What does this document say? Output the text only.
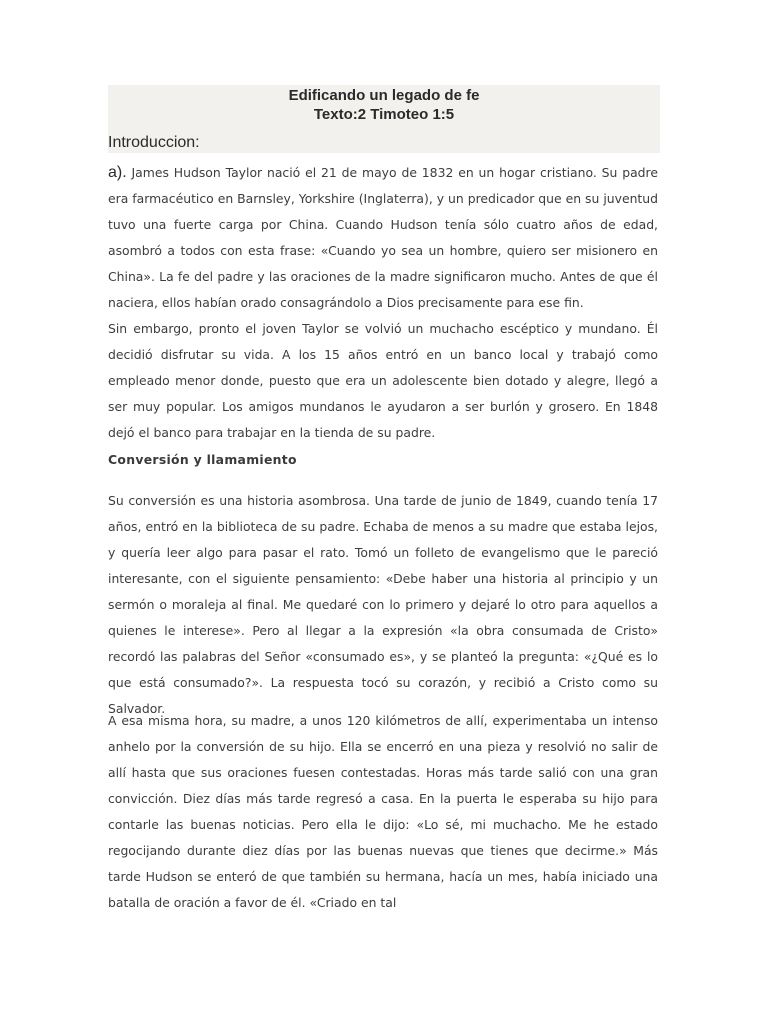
Edificando un legado de fe
Texto:2 Timoteo 1:5
Introduccion:

a). James Hudson Taylor nació el 21 de mayo de 1832 en un hogar cristiano. Su padre era farmacéutico en Barnsley, Yorkshire (Inglaterra), y un predicador que en su juventud tuvo una fuerte carga por China. Cuando Hudson tenía sólo cuatro años de edad, asombró a todos con esta frase: «Cuando yo sea un hombre, quiero ser misionero en China». La fe del padre y las oraciones de la madre significaron mucho. Antes de que él naciera, ellos habían orado consagrándolo a Dios precisamente para ese fin.

Sin embargo, pronto el joven Taylor se volvió un muchacho escéptico y mundano. Él decidió disfrutar su vida. A los 15 años entró en un banco local y trabajó como empleado menor donde, puesto que era un adolescente bien dotado y alegre, llegó a ser muy popular. Los amigos mundanos le ayudaron a ser burlón y grosero. En 1848 dejó el banco para trabajar en la tienda de su padre.

Conversión y llamamiento

Su conversión es una historia asombrosa. Una tarde de junio de 1849, cuando tenía 17 años, entró en la biblioteca de su padre. Echaba de menos a su madre que estaba lejos, y quería leer algo para pasar el rato. Tomó un folleto de evangelismo que le pareció interesante, con el siguiente pensamiento: «Debe haber una historia al principio y un sermón o moraleja al final. Me quedaré con lo primero y dejaré lo otro para aquellos a quienes le interese». Pero al llegar a la expresión «la obra consumada de Cristo» recordó las palabras del Señor «consumado es», y se planteó la pregunta: «¿Qué es lo que está consumado?». La respuesta tocó su corazón, y recibió a Cristo como su Salvador.

A esa misma hora, su madre, a unos 120 kilómetros de allí, experimentaba un intenso anhelo por la conversión de su hijo. Ella se encerró en una pieza y resolvió no salir de allí hasta que sus oraciones fuesen contestadas. Horas más tarde salió con una gran convicción. Diez días más tarde regresó a casa. En la puerta le esperaba su hijo para contarle las buenas noticias. Pero ella le dijo: «Lo sé, mi muchacho. Me he estado regocijando durante diez días por las buenas nuevas que tienes que decirme.» Más tarde Hudson se enteró de que también su hermana, hacía un mes, había iniciado una batalla de oración a favor de él. «Criado en tal
